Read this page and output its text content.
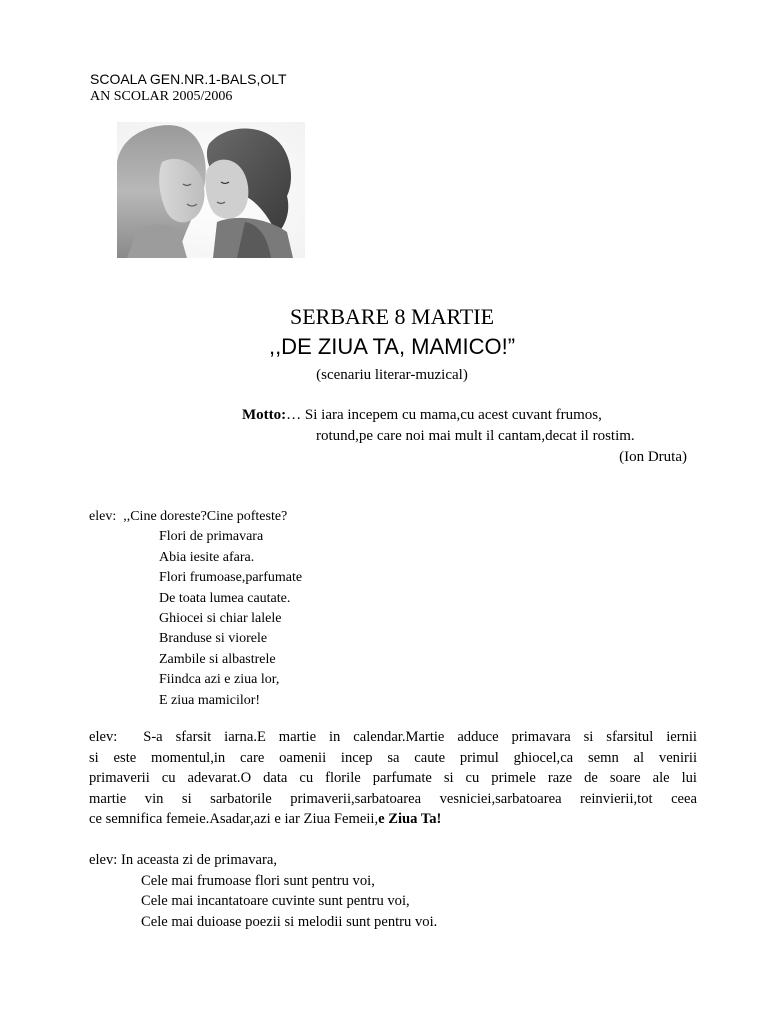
SCOALA GEN.NR.1-BALS,OLT
AN SCOLAR 2005/2006
SERBARE 8 MARTIE
,,DE ZIUA TA, MAMICO!”
(scenariu literar-muzical)
Motto:… Si iara incepem cu mama,cu acest cuvant frumos,
rotund,pe care noi mai mult il cantam,decat il rostim.
(Ion Druta)
elev: ,,Cine doreste?Cine pofteste?
Flori de primavara
Abia iesite afara.
Flori frumoase,parfumate
De toata lumea cautate.
Ghiocei si chiar lalele
Branduse si viorele
Zambile si albastrele
Fiindca azi e ziua lor,
E ziua mamicilor!
elev: S-a sfarsit iarna.E martie in calendar.Martie adduce primavara si sfarsitul iernii
si este momentul,in care oamenii incep sa caute primul ghiocel,ca semn al venirii
primaverii cu adevarat.O data cu florile parfumate si cu primele raze de soare ale lui
martie vin si sarbatorile primaverii,sarbatoarea vesniciei,sarbatoarea reinvierii,tot ceea
ce semnifica femeie.Asadar,azi e iar Ziua Femeii,e Ziua Ta!
elev: In aceasta zi de primavara,
Cele mai frumoase flori sunt pentru voi,
Cele mai incantatoare cuvinte sunt pentru voi,
Cele mai duioase poezii si melodii sunt pentru voi.
